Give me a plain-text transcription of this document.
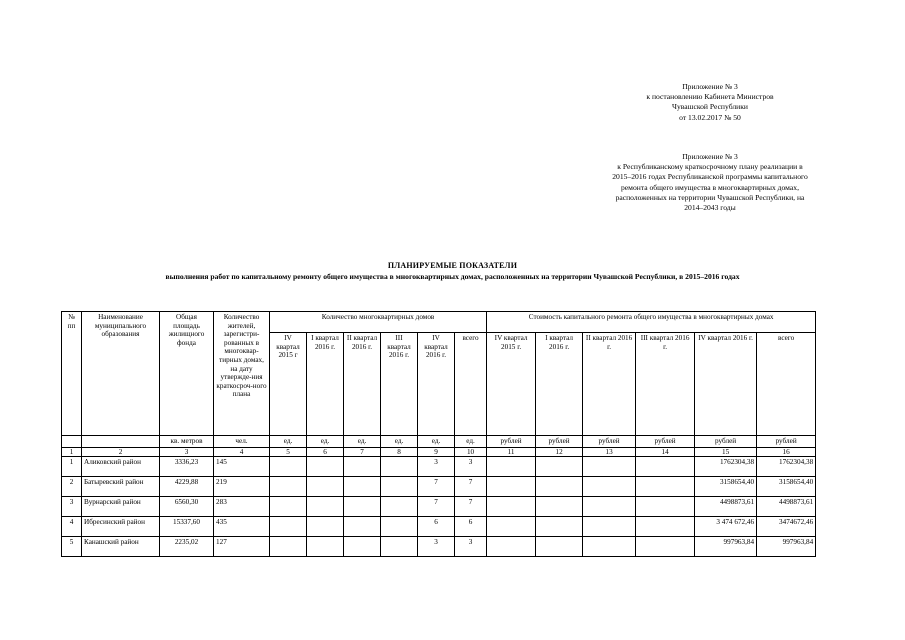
Приложение № 3
к постановлению Кабинета Министров
Чувашской Республики
от 13.02.2017 № 50
Приложение № 3
к Республиканскому краткосрочному плану реализации в
2015–2016 годах Республиканской программы капитального
ремонта общего имущества в многоквартирных домах,
расположенных на территории Чувашской Республики, на
2014–2043 годы
ПЛАНИРУЕМЫЕ ПОКАЗАТЕЛИ
выполнения работ по капитальному ремонту общего имущества в многоквартирных домах, расположенных на территории Чувашской Республики, в 2015–2016 годах
№ пп	Наименование муниципального образования	Общая площадь жилищного фонда	Количество жителей, зарегистри-рованных в многоквар-тирных домах, на дату утвержде-ния краткосроч-ного плана	Количество многоквартирных домов						Стоимость капитального ремонта общего имущества в многоквартирных домах					
				IV квартал 2015 г	I квартал 2016 г.	II квартал 2016 г.	III квартал 2016 г.	IV квартал 2016 г.	всего	IV квартал 2015 г.	I квартал 2016 г.	II квартал 2016 г.	III квартал 2016 г.	IV квартал 2016 г.	всего

		кв. метров	чел.	ед.	ед.	ед.	ед.	ед.	ед.	рублей	рублей	рублей	рублей	рублей	рублей
1	2	3	4	5	6	7	8	9	10	11	12	13	14	15	16
1	Аликовский район	3336,23	145					3	3					1762304,38	1762304,38
2	Батыревский район	4229,88	219					7	7					3158654,40	3158654,40
3	Вурнарский район	6560,30	283					7	7					4498873,61	4498873,61
4	Ибресинский район	15337,60	435					6	6					3 474 672,46	3474672,46
5	Канашский район	2235,02	127					3	3					997963,84	997963,84
